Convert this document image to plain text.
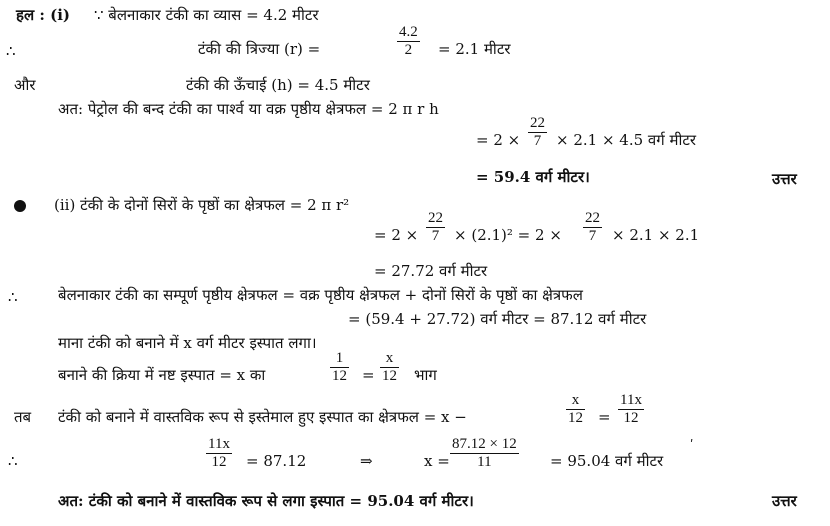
हल : (i) ∵ बेलनाकार टंकी का व्यास = 4.2 मीटर
∴	टंकी की त्रिज्या (r) =	$\frac{4.2}{2} = 2.1$ मीटर
और	टंकी की ऊँचाई (h) = 4.5 मीटर
अत: पेट्रोल की बन्द टंकी का पार्श्व या वक्र पृष्ठीय क्षेत्रफल = 2 π r h
= $2 \times \frac{22}{7} \times 2.1 \times 4.5$ वर्ग मीटर
= 59.4 वर्ग मीटर।	उत्तर
(ii) टंकी के दोनों सिरों के पृष्ठों का क्षेत्रफल = 2 π r²
= $2 \times \frac{22}{7} \times (2.1)^2 = 2 \times \frac{22}{7} \times 2.1 \times 2.1$
= 27.72 वर्ग मीटर
∴	बेलनाकार टंकी का सम्पूर्ण पृष्ठीय क्षेत्रफल = वक्र पृष्ठीय क्षेत्रफल + दोनों सिरों के पृष्ठों का क्षेत्रफल
= (59.4 + 27.72) वर्ग मीटर = 87.12 वर्ग मीटर
माना टंकी को बनाने में x वर्ग मीटर इस्पात लगा।
बनाने की क्रिया में नष्ट इस्पात = x का	$\frac{1}{12} = \frac{x}{12}$ भाग
तब टंकी को बनाने में वास्तविक रूप से इस्तेमाल हुए इस्पात का क्षेत्रफल = x −	$\frac{x}{12} = \frac{11x}{12}$
∴	$\frac{11x}{12} = 87.12$	⇒	$x = \frac{87.12 \times 12}{11} = 95.04$ वर्ग मीटर
ʹ
अत: टंकी को बनाने में वास्तविक रूप से लगा इस्पात = 95.04 वर्ग मीटर।	उत्तर
